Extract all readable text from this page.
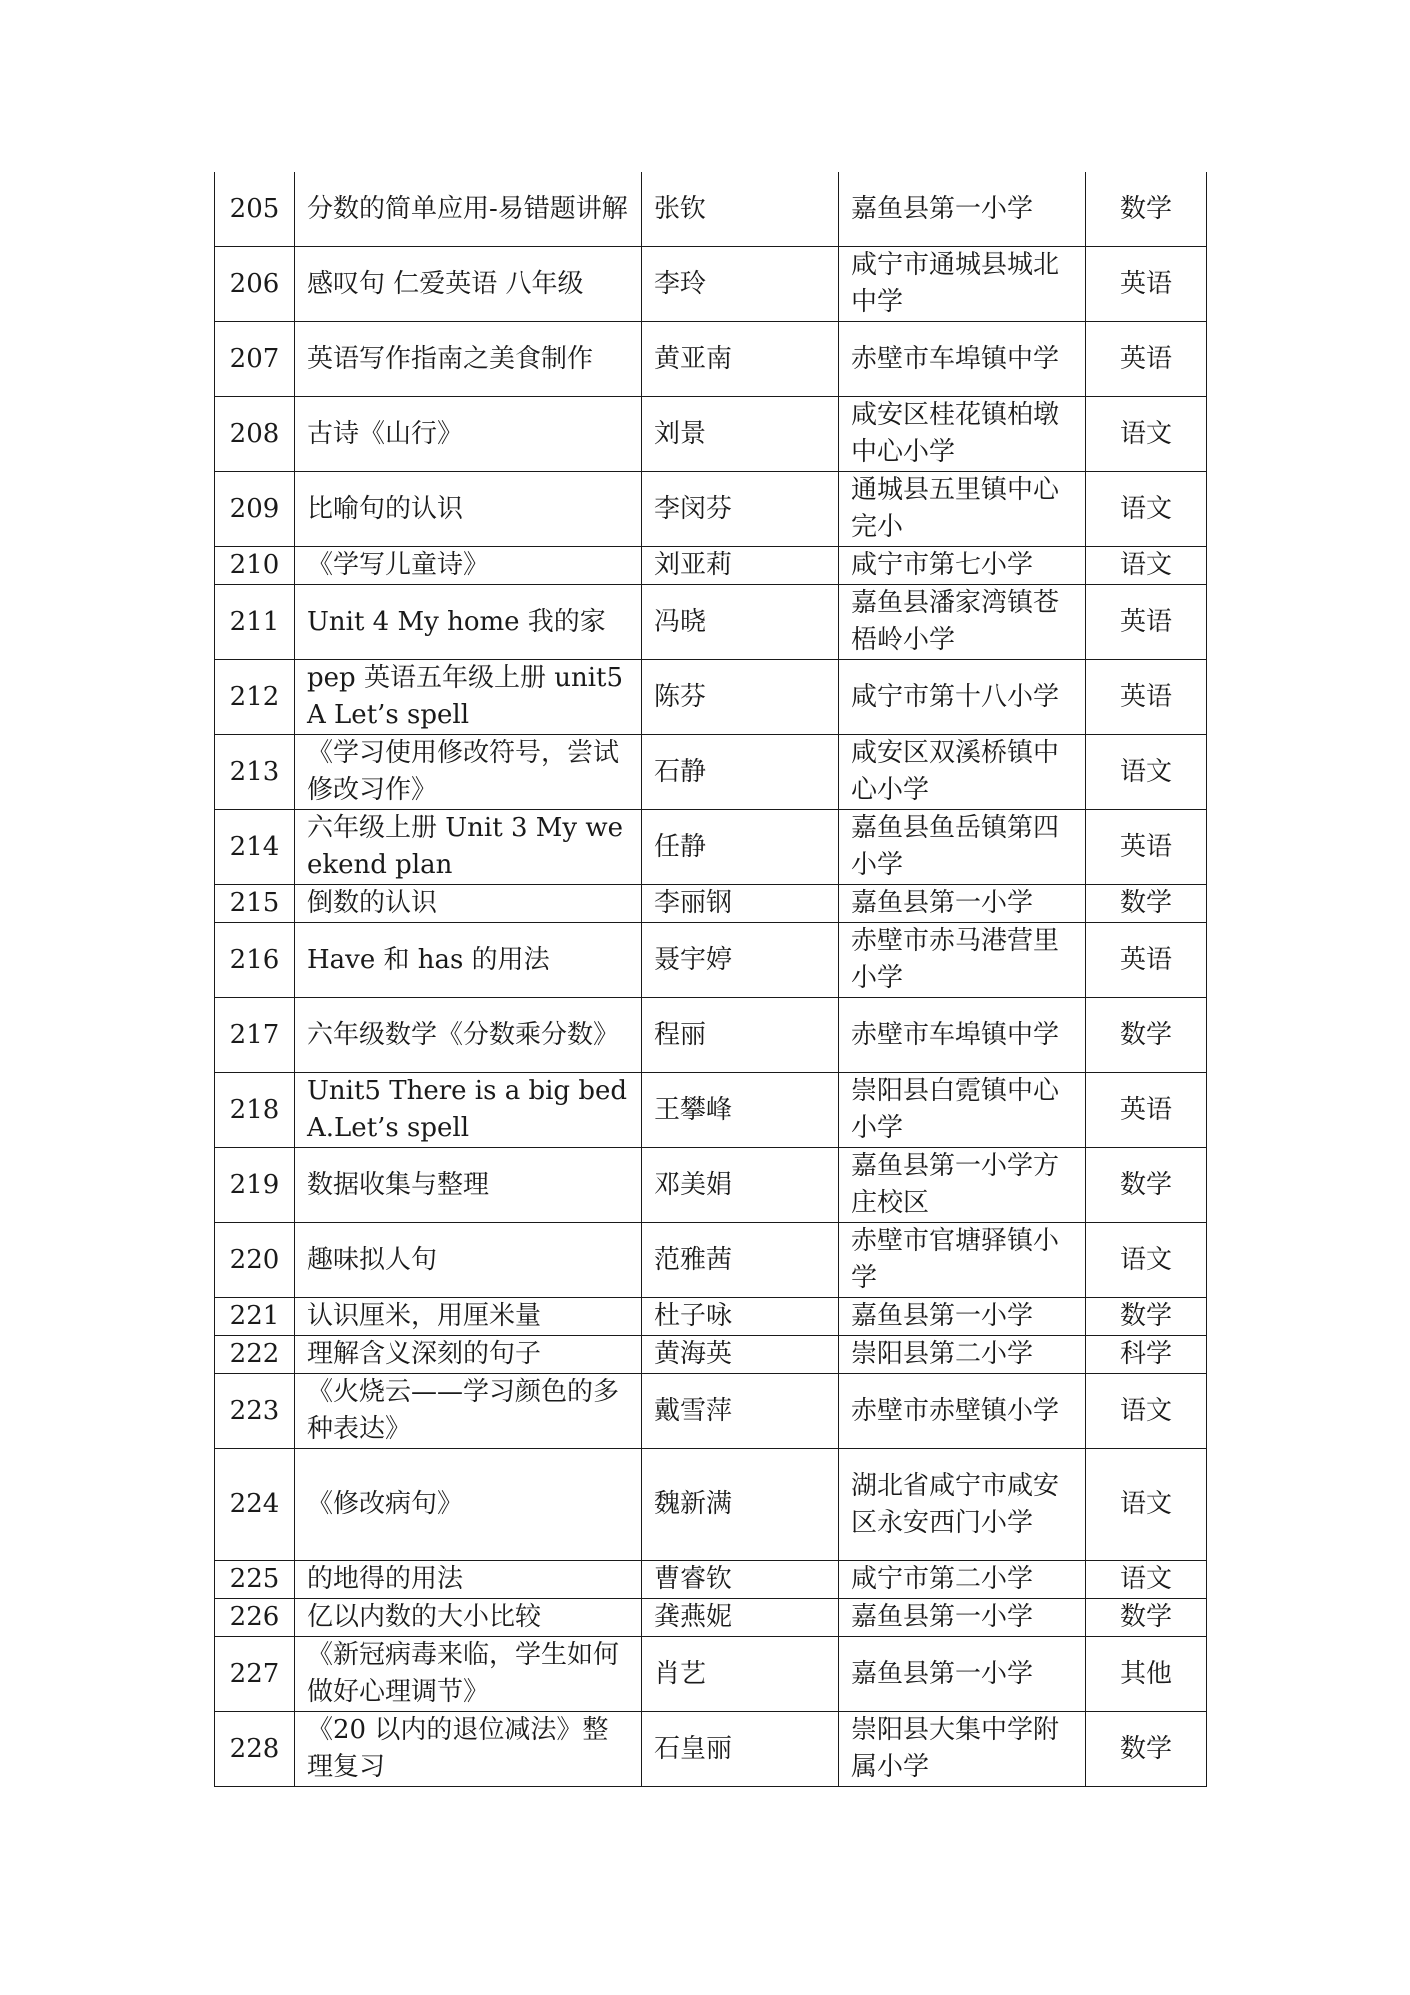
205	分数的简单应用-易错题讲解	张钦	嘉鱼县第一小学	数学
206	感叹句 仁爱英语 八年级	李玲	咸宁市通城县城北中学	英语
207	英语写作指南之美食制作	黄亚南	赤壁市车埠镇中学	英语
208	古诗《山行》	刘景	咸安区桂花镇柏墩中心小学	语文
209	比喻句的认识	李闵芬	通城县五里镇中心完小	语文
210	《学写儿童诗》	刘亚莉	咸宁市第七小学	语文
211	Unit 4 My home 我的家	冯晓	嘉鱼县潘家湾镇苍梧岭小学	英语
212	pep 英语五年级上册 unit5 A Let’s spell	陈芬	咸宁市第十八小学	英语
213	《学习使用修改符号，尝试修改习作》	石静	咸安区双溪桥镇中心小学	语文
214	六年级上册 Unit 3 My weekend plan	任静	嘉鱼县鱼岳镇第四小学	英语
215	倒数的认识	李丽钢	嘉鱼县第一小学	数学
216	Have 和 has 的用法	聂宇婷	赤壁市赤马港营里小学	英语
217	六年级数学《分数乘分数》	程丽	赤壁市车埠镇中学	数学
218	Unit5 There is a big bed A.Let’s spell	王攀峰	崇阳县白霓镇中心小学	英语
219	数据收集与整理	邓美娟	嘉鱼县第一小学方庄校区	数学
220	趣味拟人句	范雅茜	赤壁市官塘驿镇小学	语文
221	认识厘米，用厘米量	杜子咏	嘉鱼县第一小学	数学
222	理解含义深刻的句子	黄海英	崇阳县第二小学	科学
223	《火烧云——学习颜色的多种表达》	戴雪萍	赤壁市赤壁镇小学	语文
224	《修改病句》	魏新满	湖北省咸宁市咸安区永安西门小学	语文
225	的地得的用法	曹睿钦	咸宁市第二小学	语文
226	亿以内数的大小比较	龚燕妮	嘉鱼县第一小学	数学
227	《新冠病毒来临，学生如何做好心理调节》	肖艺	嘉鱼县第一小学	其他
228	《20 以内的退位减法》整理复习	石皇丽	崇阳县大集中学附属小学	数学
